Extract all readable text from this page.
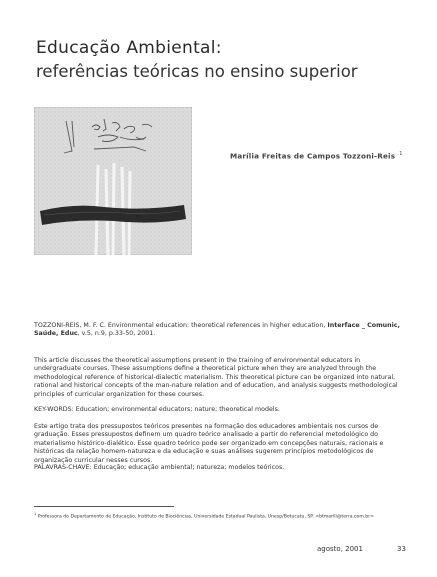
Educação Ambiental:
referências teóricas no ensino superior
Marília Freitas de Campos Tozzoni-Reis $^1$
TOZZONI-REIS, M. F. C. Environmental education: theoretical references in higher education, Interface _ Comunic, Saúde, Educ, v.5, n.9, p.33-50, 2001.
This article discusses the theoretical assumptions present in the training of environmental educators in undergraduate courses. These assumptions define a theoretical picture when they are analyzed through the methodological reference of historical-dialectic materialism. This theoretical picture can be organized into natural, rational and historical concepts of the man-nature relation and of education, and analysis suggests methodological principles of curricular organization for these courses.
KEY-WORDS: Education; environmental educators; nature; theoretical models.
Este artigo trata dos pressupostos teóricos presentes na formação dos educadores ambientais nos cursos de graduação. Esses pressupostos definem um quadro teórico analisado a partir do referencial metodológico do materialismo histórico-dialético. Esse quadro teórico pode ser organizado em concepções naturais, racionais e históricas da relação homem-natureza e da educação e suas análises sugerem princípios metodológicos de organização curricular nesses cursos.
PALAVRAS-CHAVE: Educação; educação ambiental; natureza; modelos teóricos.
$^1$ Professora do Departamento de Educação, Instituto de Biociências, Universidade Estadual Paulista, Unesp/Botucatu, SP. <btmarili@terra.com.br>
agosto, 2001	33
